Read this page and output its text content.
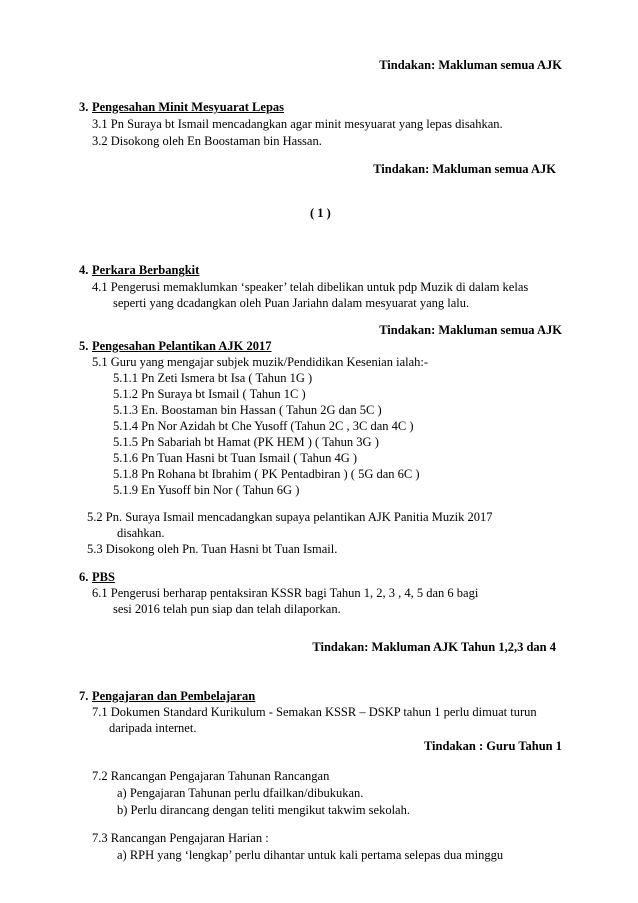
Tindakan: Makluman semua AJK
3. Pengesahan Minit Mesyuarat Lepas
3.1 Pn Suraya bt Ismail mencadangkan agar minit mesyuarat yang lepas disahkan.
3.2 Disokong oleh En Boostaman bin Hassan.
Tindakan: Makluman semua AJK
( 1 )
4. Perkara Berbangkit
4.1 Pengerusi memaklumkan ‘speaker’ telah dibelikan untuk pdp Muzik di dalam kelas
seperti yang dcadangkan oleh Puan Jariahn dalam mesyuarat yang lalu.
Tindakan: Makluman semua AJK
5. Pengesahan Pelantikan AJK 2017
5.1 Guru yang mengajar subjek muzik/Pendidikan Kesenian ialah:-
5.1.1 Pn Zeti Ismera bt Isa ( Tahun 1G )
5.1.2 Pn Suraya bt Ismail ( Tahun 1C )
5.1.3 En. Boostaman bin Hassan ( Tahun 2G dan 5C )
5.1.4 Pn Nor Azidah bt Che Yusoff (Tahun 2C , 3C dan 4C )
5.1.5 Pn Sabariah bt Hamat (PK HEM ) ( Tahun 3G )
5.1.6 Pn Tuan Hasni bt Tuan Ismail ( Tahun 4G )
5.1.8 Pn Rohana bt Ibrahim ( PK Pentadbiran ) ( 5G dan 6C )
5.1.9 En Yusoff bin Nor ( Tahun 6G )
5.2 Pn. Suraya Ismail mencadangkan supaya pelantikan AJK Panitia Muzik 2017
disahkan.
5.3 Disokong oleh Pn. Tuan Hasni bt Tuan Ismail.
6. PBS
6.1 Pengerusi berharap pentaksiran KSSR bagi Tahun 1, 2, 3 , 4, 5 dan 6 bagi
sesi 2016 telah pun siap dan telah dilaporkan.
Tindakan: Makluman AJK Tahun 1,2,3 dan 4
7. Pengajaran dan Pembelajaran
7.1 Dokumen Standard Kurikulum - Semakan KSSR – DSKP tahun 1 perlu dimuat turun
daripada internet.
Tindakan : Guru Tahun 1
7.2 Rancangan Pengajaran Tahunan Rancangan
a) Pengajaran Tahunan perlu dfailkan/dibukukan.
b) Perlu dirancang dengan teliti mengikut takwim sekolah.
7.3 Rancangan Pengajaran Harian :
a) RPH yang ‘lengkap’ perlu dihantar untuk kali pertama selepas dua minggu
